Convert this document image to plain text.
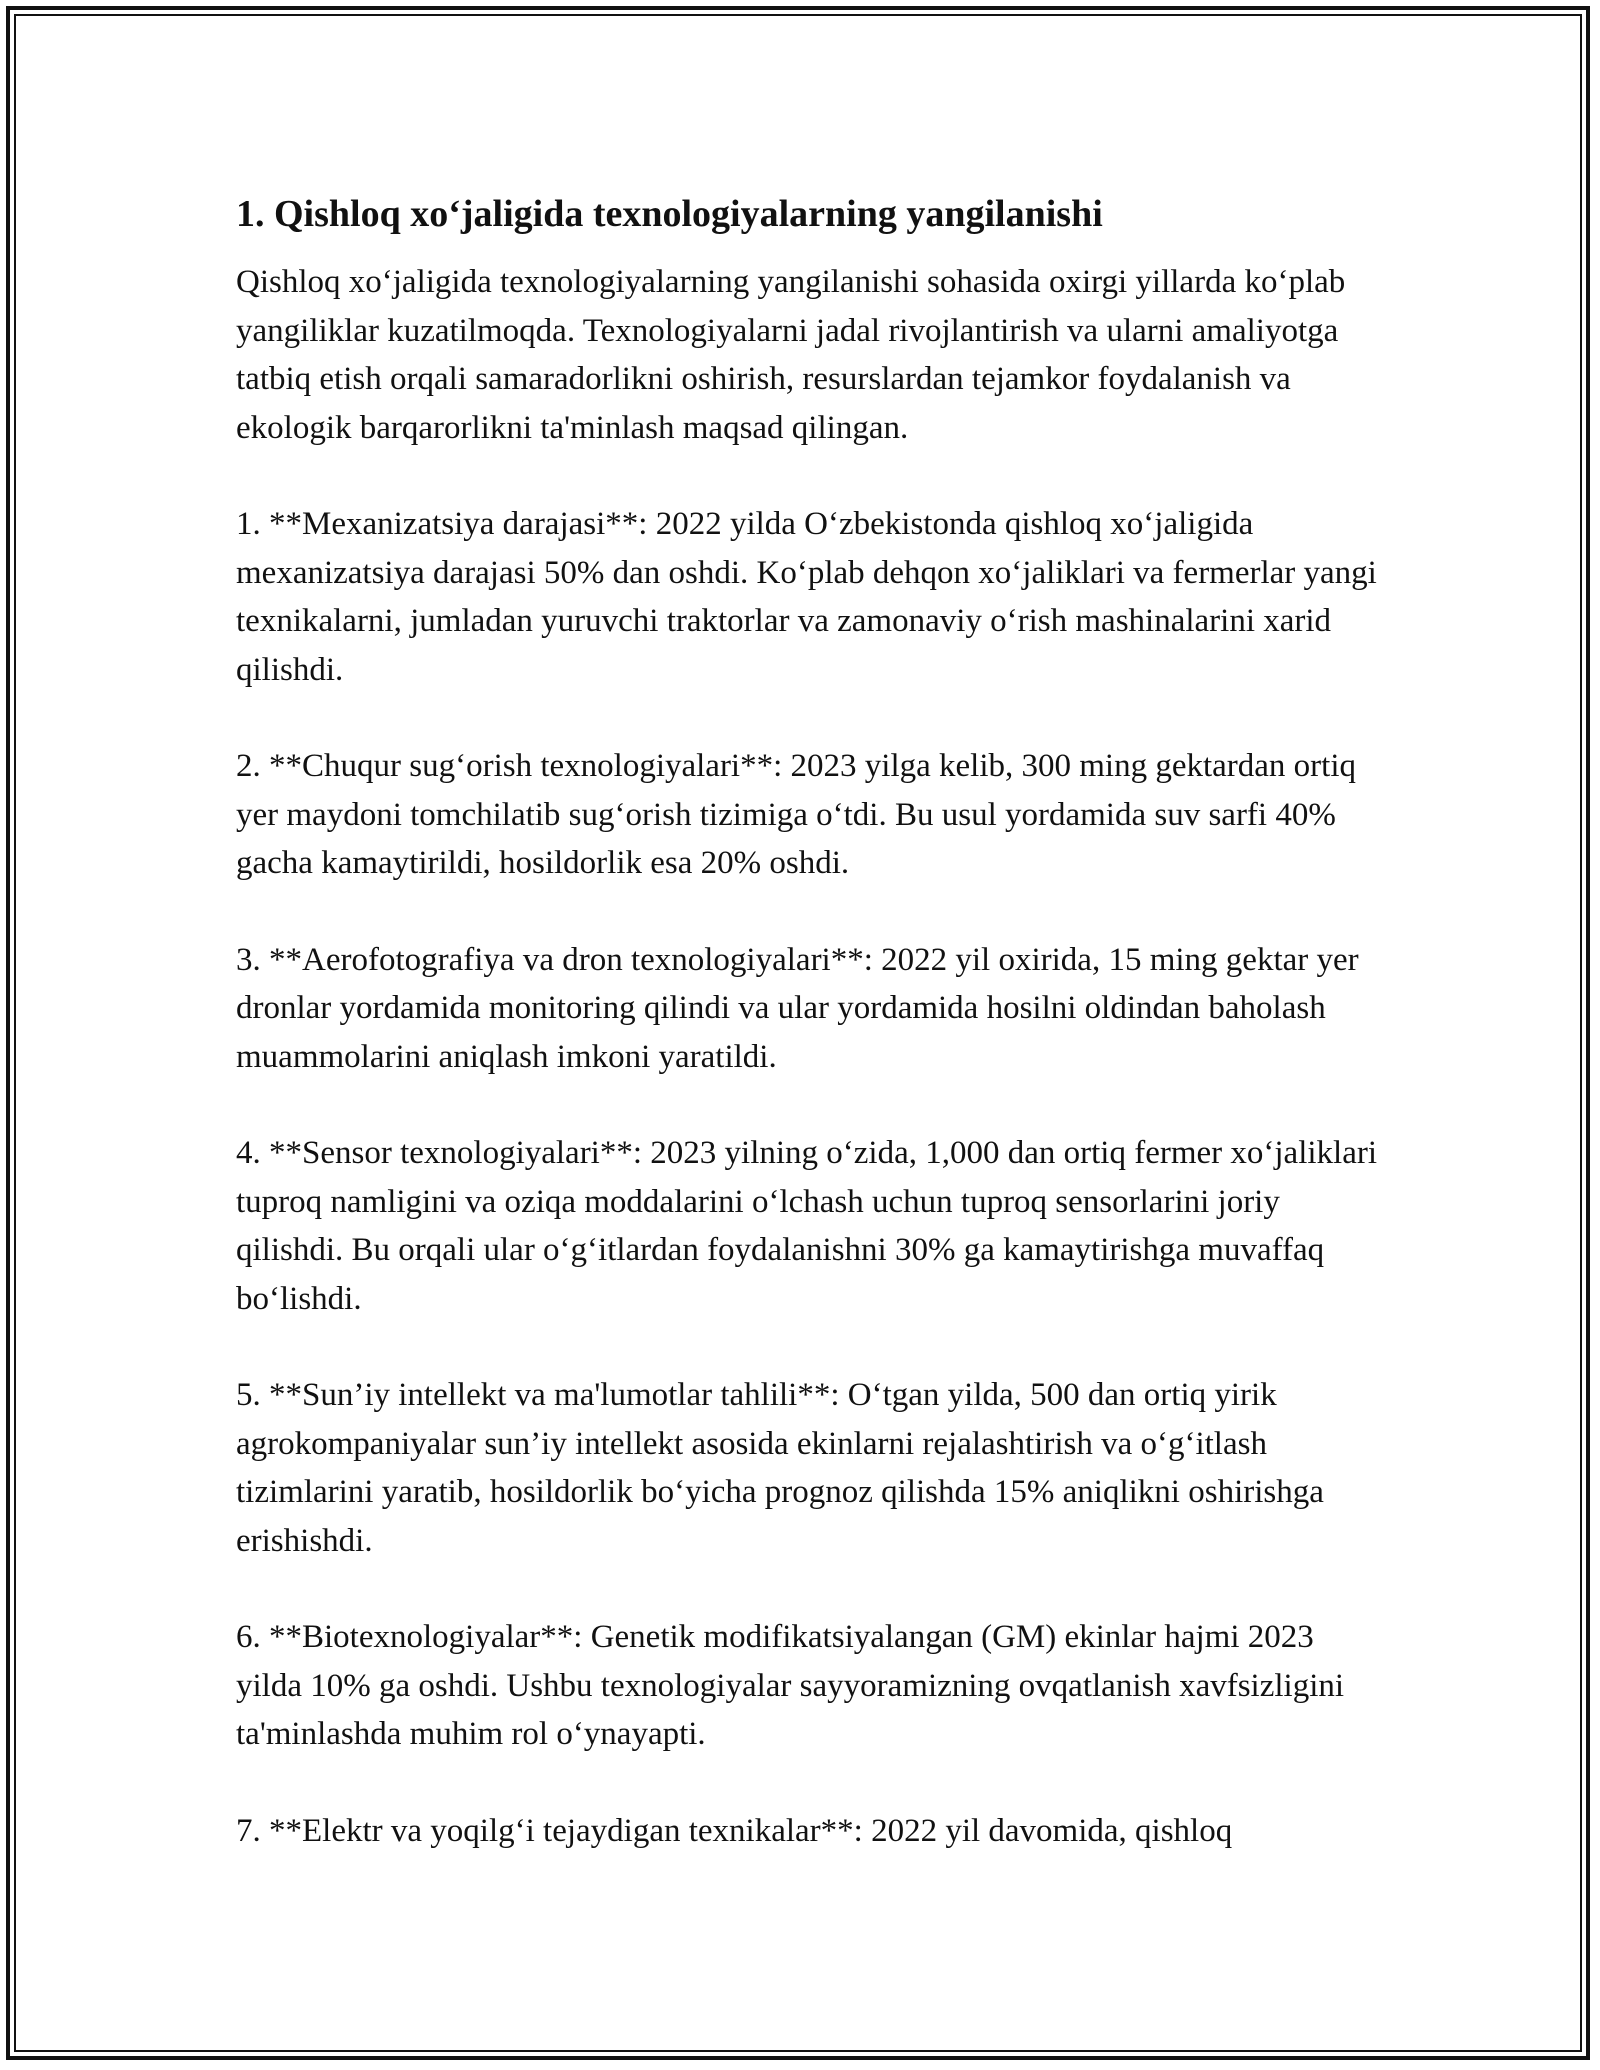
1. Qishloq xo‘jaligida texnologiyalarning yangilanishi

Qishloq xo‘jaligida texnologiyalarning yangilanishi sohasida oxirgi yillarda ko‘plab yangiliklar kuzatilmoqda. Texnologiyalarni jadal rivojlantirish va ularni amaliyotga tatbiq etish orqali samaradorlikni oshirish, resurslardan tejamkor foydalanish va ekologik barqarorlikni ta'minlash maqsad qilingan.

1. **Mexanizatsiya darajasi**: 2022 yilda O‘zbekistonda qishloq xo‘jaligida mexanizatsiya darajasi 50% dan oshdi. Ko‘plab dehqon xo‘jaliklari va fermerlar yangi texnikalarni, jumladan yuruvchi traktorlar va zamonaviy o‘rish mashinalarini xarid qilishdi.

2. **Chuqur sug‘orish texnologiyalari**: 2023 yilga kelib, 300 ming gektardan ortiq yer maydoni tomchilatib sug‘orish tizimiga o‘tdi. Bu usul yordamida suv sarfi 40% gacha kamaytirildi, hosildorlik esa 20% oshdi.

3. **Aerofotografiya va dron texnologiyalari**: 2022 yil oxirida, 15 ming gektar yer dronlar yordamida monitoring qilindi va ular yordamida hosilni oldindan baholash muammolarini aniqlash imkoni yaratildi.

4. **Sensor texnologiyalari**: 2023 yilning o‘zida, 1,000 dan ortiq fermer xo‘jaliklari tuproq namligini va oziqa moddalarini o‘lchash uchun tuproq sensorlarini joriy qilishdi. Bu orqali ular o‘g‘itlardan foydalanishni 30% ga kamaytirishga muvaffaq bo‘lishdi.

5. **Sun’iy intellekt va ma'lumotlar tahlili**: O‘tgan yilda, 500 dan ortiq yirik agrokompaniyalar sun’iy intellekt asosida ekinlarni rejalashtirish va o‘g‘itlash tizimlarini yaratib, hosildorlik bo‘yicha prognoz qilishda 15% aniqlikni oshirishga erishishdi.

6. **Biotexnologiyalar**: Genetik modifikatsiyalangan (GM) ekinlar hajmi 2023 yilda 10% ga oshdi. Ushbu texnologiyalar sayyoramizning ovqatlanish xavfsizligini ta'minlashda muhim rol o‘ynayapti.

7. **Elektr va yoqilg‘i tejaydigan texnikalar**: 2022 yil davomida, qishloq
